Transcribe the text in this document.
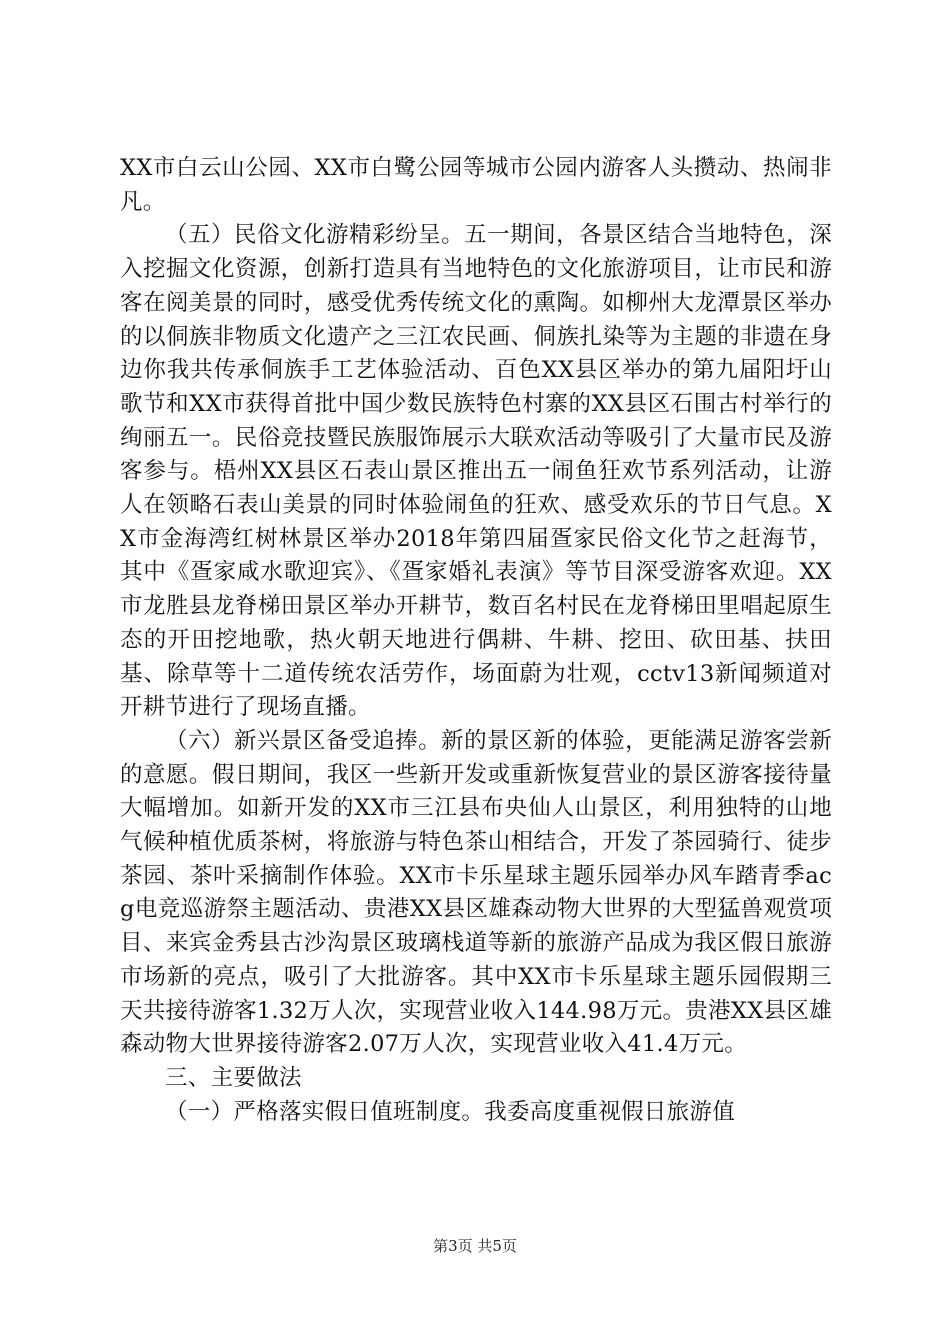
XX市白云山公园、XX市白鹭公园等城市公园内游客人头攒动、热闹非凡。

（五）民俗文化游精彩纷呈。五一期间，各景区结合当地特色，深入挖掘文化资源，创新打造具有当地特色的文化旅游项目，让市民和游客在阅美景的同时，感受优秀传统文化的熏陶。如柳州大龙潭景区举办的以侗族非物质文化遗产之三江农民画、侗族扎染等为主题的非遗在身边你我共传承侗族手工艺体验活动、百色XX县区举办的第九届阳圩山歌节和XX市获得首批中国少数民族特色村寨的XX县区石围古村举行的绚丽五一。民俗竞技暨民族服饰展示大联欢活动等吸引了大量市民及游客参与。梧州XX县区石表山景区推出五一闹鱼狂欢节系列活动，让游人在领略石表山美景的同时体验闹鱼的狂欢、感受欢乐的节日气息。XX市金海湾红树林景区举办2018年第四届疍家民俗文化节之赶海节，其中《疍家咸水歌迎宾》、《疍家婚礼表演》等节目深受游客欢迎。XX市龙胜县龙脊梯田景区举办开耕节，数百名村民在龙脊梯田里唱起原生态的开田挖地歌，热火朝天地进行偶耕、牛耕、挖田、砍田基、扶田基、除草等十二道传统农活劳作，场面蔚为壮观，cctv13新闻频道对开耕节进行了现场直播。

（六）新兴景区备受追捧。新的景区新的体验，更能满足游客尝新的意愿。假日期间，我区一些新开发或重新恢复营业的景区游客接待量大幅增加。如新开发的XX市三江县布央仙人山景区，利用独特的山地气候种植优质茶树，将旅游与特色茶山相结合，开发了茶园骑行、徒步茶园、茶叶采摘制作体验。XX市卡乐星球主题乐园举办风车踏青季acg电竞巡游祭主题活动、贵港XX县区雄森动物大世界的大型猛兽观赏项目、来宾金秀县古沙沟景区玻璃栈道等新的旅游产品成为我区假日旅游市场新的亮点，吸引了大批游客。其中XX市卡乐星球主题乐园假期三天共接待游客1.32万人次，实现营业收入144.98万元。贵港XX县区雄森动物大世界接待游客2.07万人次，实现营业收入41.4万元。

三、主要做法

（一）严格落实假日值班制度。我委高度重视假日旅游值

第3页 共5页
